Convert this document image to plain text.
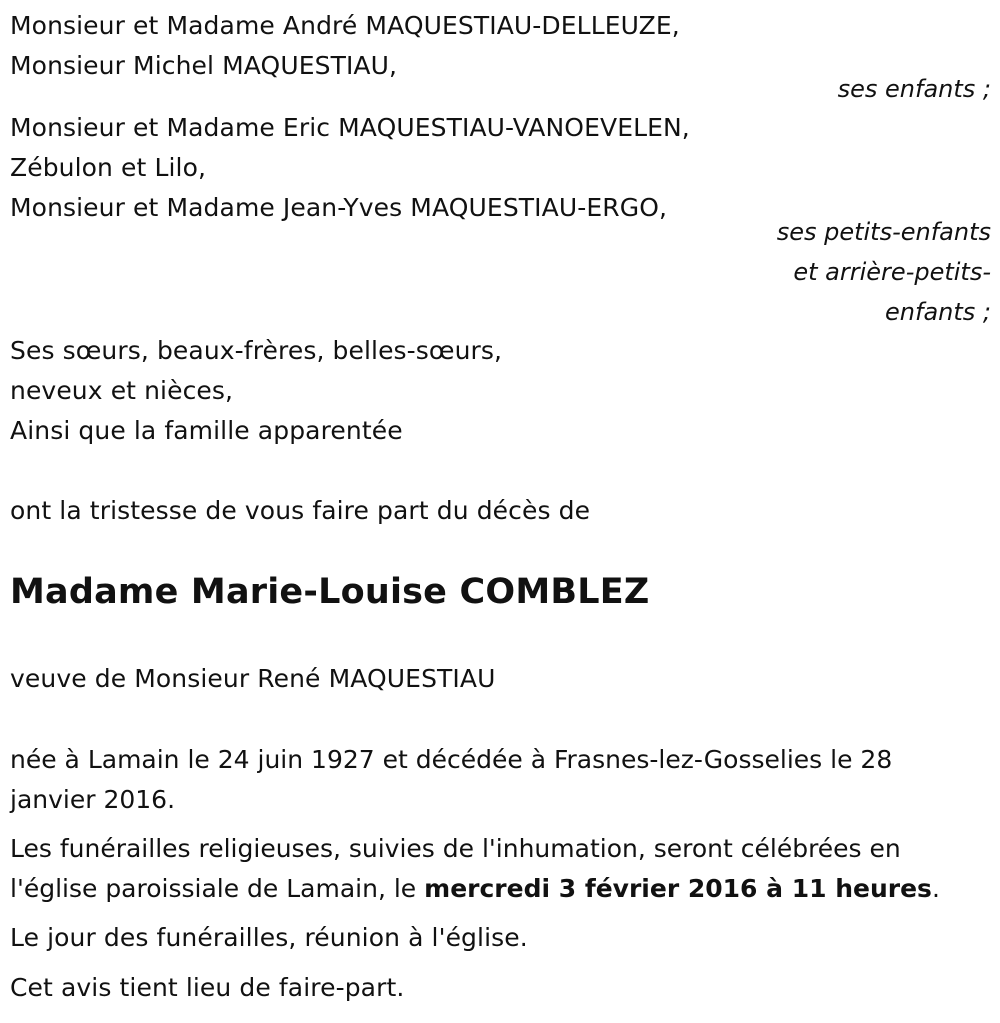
Monsieur et Madame André MAQUESTIAU-DELLEUZE,
Monsieur Michel MAQUESTIAU,
ses enfants ;
Monsieur et Madame Eric MAQUESTIAU-VANOEVELEN,
Zébulon et Lilo,
Monsieur et Madame Jean-Yves MAQUESTIAU-ERGO,
ses petits-enfants
et arrière-petits-
enfants ;
Ses sœurs, beaux-frères, belles-sœurs,
neveux et nièces,
Ainsi que la famille apparentée
ont la tristesse de vous faire part du décès de
Madame Marie-Louise COMBLEZ
veuve de Monsieur René MAQUESTIAU
née à Lamain le 24 juin 1927 et décédée à Frasnes-lez-Gosselies le 28 janvier 2016.
Les funérailles religieuses, suivies de l'inhumation, seront célébrées en l'église paroissiale de Lamain, le mercredi 3 février 2016 à 11 heures.
Le jour des funérailles, réunion à l'église.
Cet avis tient lieu de faire-part.
